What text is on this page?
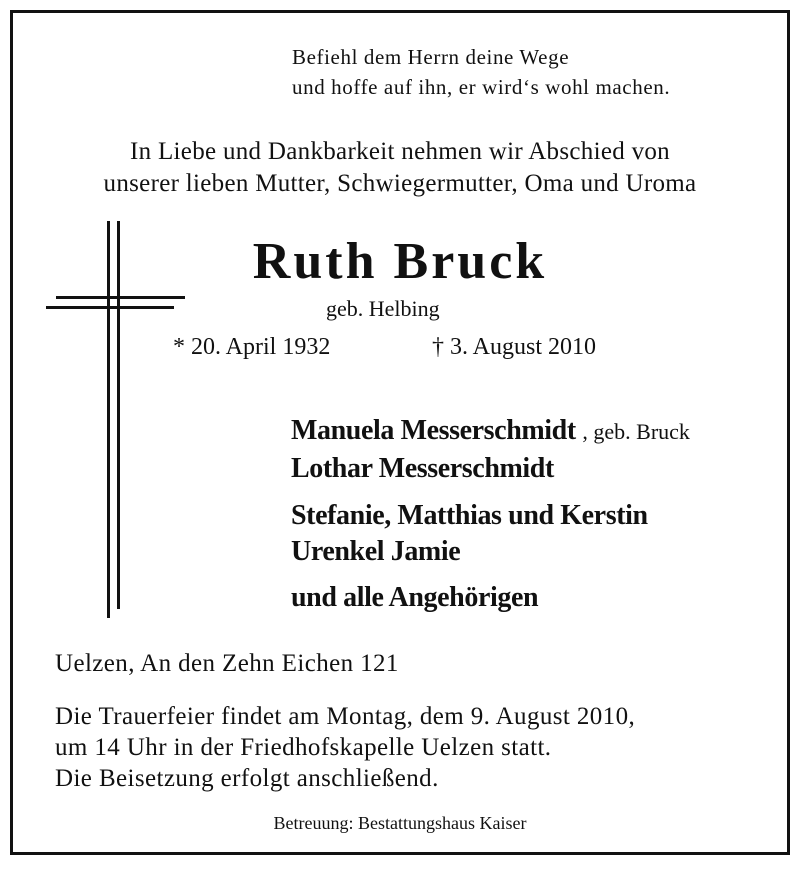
Befiehl dem Herrn deine Wege
und hoffe auf ihn, er wird‘s wohl machen.
In Liebe und Dankbarkeit nehmen wir Abschied von
unserer lieben Mutter, Schwiegermutter, Oma und Uroma
Ruth Bruck
geb. Helbing
* 20. April 1932	† 3. August 2010
Manuela Messerschmidt , geb. Bruck
Lothar Messerschmidt
Stefanie, Matthias und Kerstin
Urenkel Jamie
und alle Angehörigen
Uelzen, An den Zehn Eichen 121
Die Trauerfeier findet am Montag, dem 9. August 2010,
um 14 Uhr in der Friedhofskapelle Uelzen statt.
Die Beisetzung erfolgt anschließend.
Betreuung: Bestattungshaus Kaiser
